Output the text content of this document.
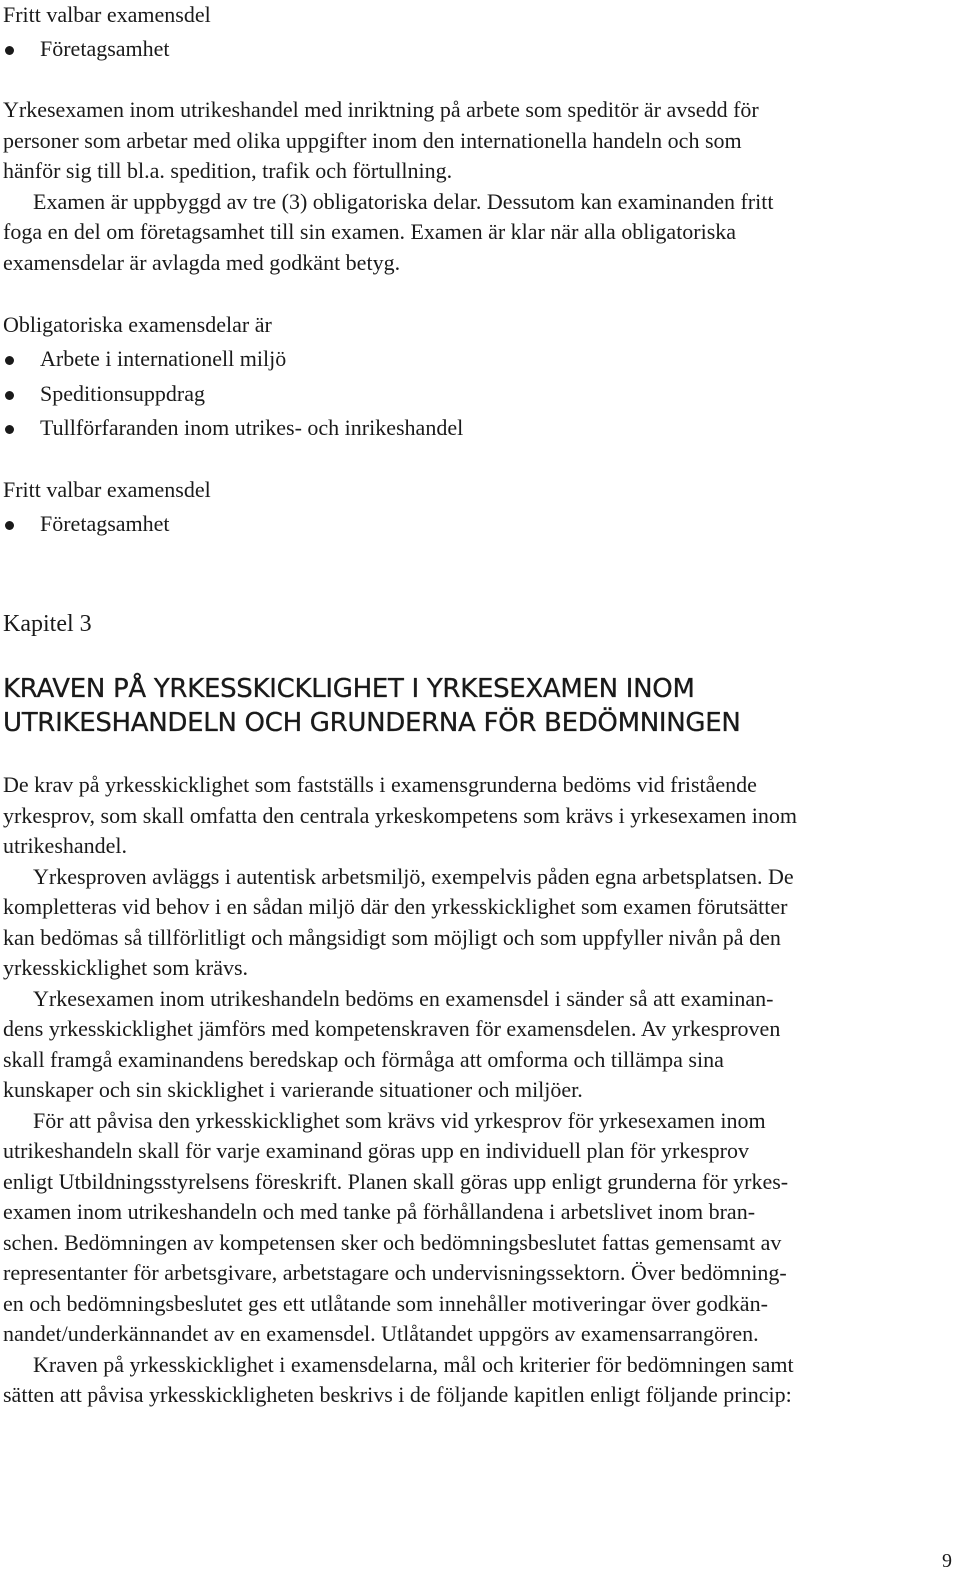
Fritt valbar examensdel
Företagsamhet
Yrkesexamen inom utrikeshandel med inriktning på arbete som speditör är avsedd för
personer som arbetar med olika uppgifter inom den internationella handeln och som
hänför sig till bl.a. spedition, trafik och förtullning.
Examen är uppbyggd av tre (3) obligatoriska delar. Dessutom kan examinanden fritt
foga en del om företagsamhet till sin examen. Examen är klar när alla obligatoriska
examensdelar är avlagda med godkänt betyg.
Obligatoriska examensdelar är
Arbete i internationell miljö
Speditionsuppdrag
Tullförfaranden inom utrikes- och inrikeshandel
Fritt valbar examensdel
Företagsamhet
Kapitel 3
KRAVEN PÅ YRKESSKICKLIGHET I YRKESEXAMEN INOM
UTRIKESHANDELN OCH GRUNDERNA FÖR BEDÖMNINGEN
De krav på yrkesskicklighet som fastställs i examensgrunderna bedöms vid fristående
yrkesprov, som skall omfatta den centrala yrkeskompetens som krävs i yrkesexamen inom
utrikeshandel.
Yrkesproven avläggs i autentisk arbetsmiljö, exempelvis påden egna arbetsplatsen. De
kompletteras vid behov i en sådan miljö där den yrkesskicklighet som examen förutsätter
kan bedömas så tillförlitligt och mångsidigt som möjligt och som uppfyller nivån på den
yrkesskicklighet som krävs.
Yrkesexamen inom utrikeshandeln bedöms en examensdel i sänder så att examinan-
dens yrkesskicklighet jämförs med kompetenskraven för examensdelen. Av yrkesproven
skall framgå examinandens beredskap och förmåga att omforma och tillämpa sina
kunskaper och sin skicklighet i varierande situationer och miljöer.
För att påvisa den yrkesskicklighet som krävs vid yrkesprov för yrkesexamen inom
utrikeshandeln skall för varje examinand göras upp en individuell plan för yrkesprov
enligt Utbildningsstyrelsens föreskrift. Planen skall göras upp enligt grunderna för yrkes-
examen inom utrikeshandeln och med tanke på förhållandena i arbetslivet inom bran-
schen. Bedömningen av kompetensen sker och bedömningsbeslutet fattas gemensamt av
representanter för arbetsgivare, arbetstagare och undervisningssektorn. Över bedömning-
en och bedömningsbeslutet ges ett utlåtande som innehåller motiveringar över godkän-
nandet/underkännandet av en examensdel. Utlåtandet uppgörs av examensarrangören.
Kraven på yrkesskicklighet i examensdelarna, mål och kriterier för bedömningen samt
sätten att påvisa yrkesskickligheten beskrivs i de följande kapitlen enligt följande princip:
9
